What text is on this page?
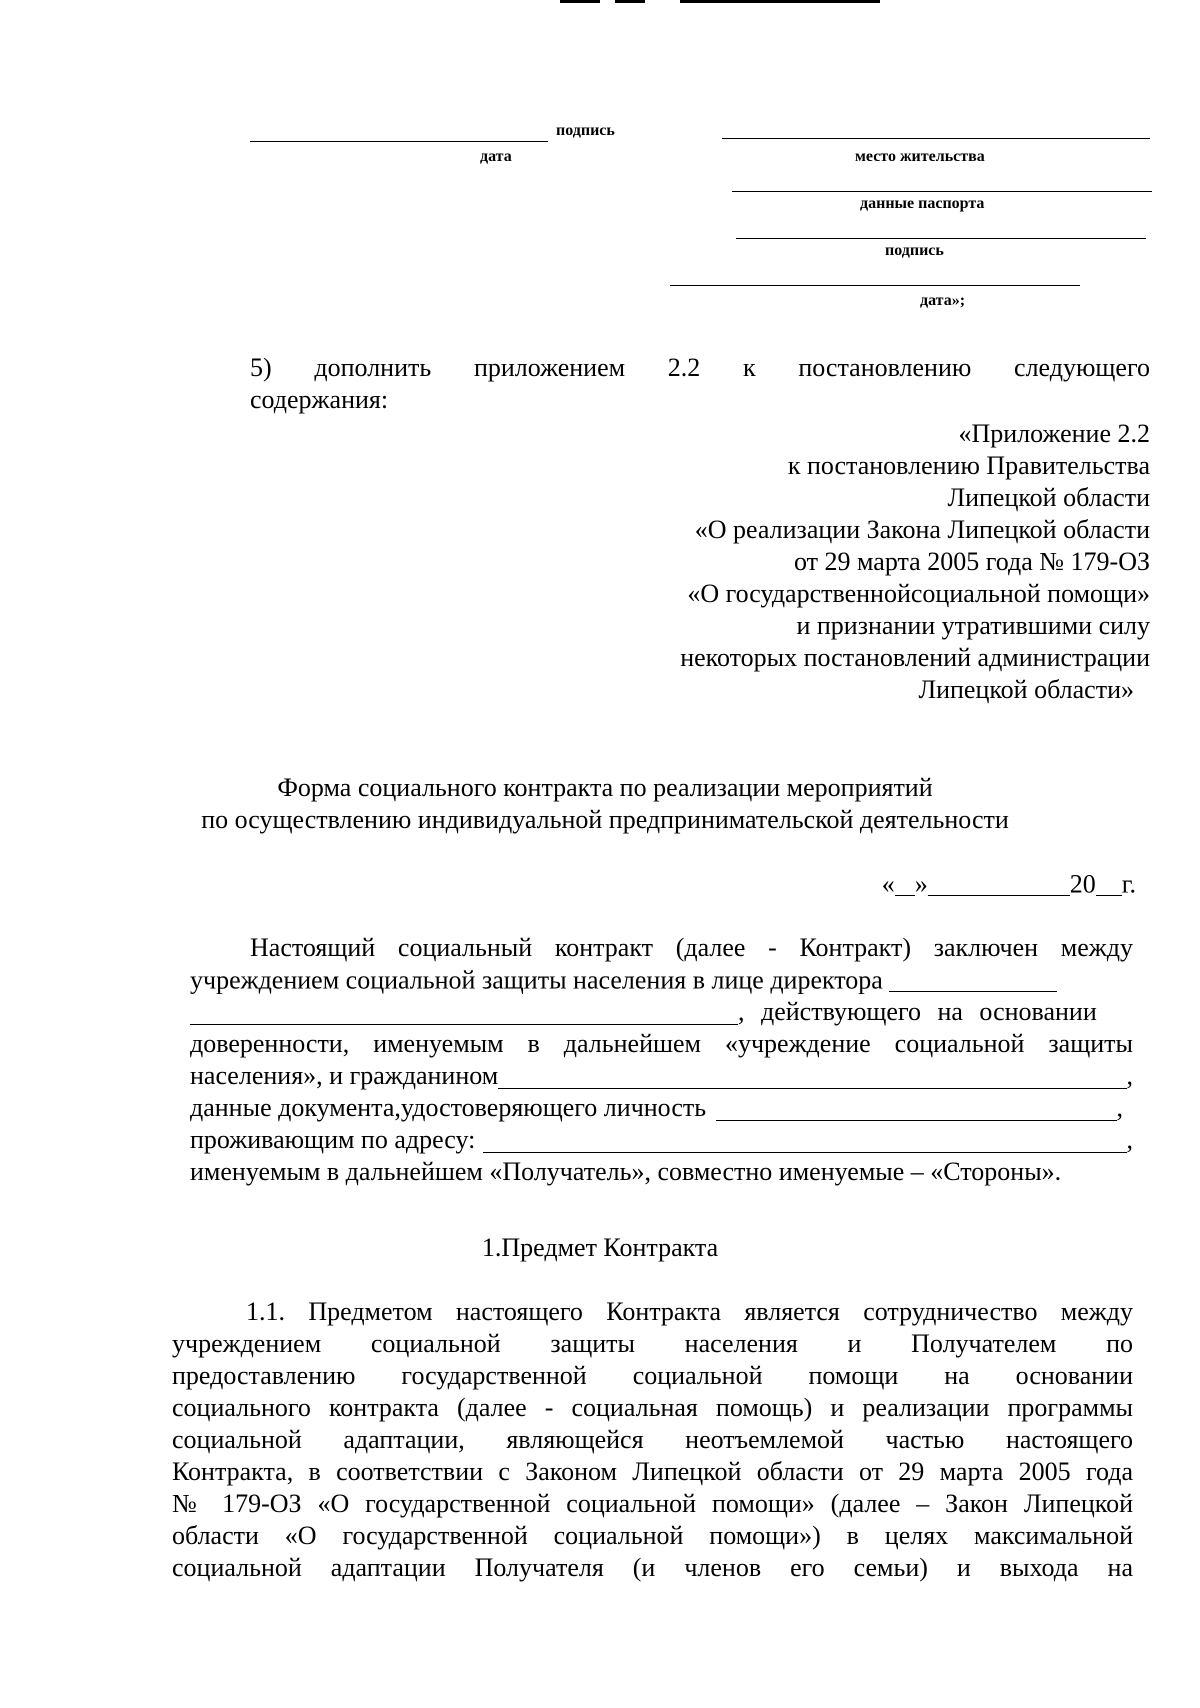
подпись
дата	место жительства
данные паспорта
подпись
дата»;
5) дополнить приложением 2.2 к постановлению следующего
содержания:
«Приложение 2.2
к постановлению Правительства
Липецкой области
«О реализации Закона Липецкой области
от 29 марта 2005 года № 179-ОЗ
«О государственнойсоциальной помощи»
и признании утратившими силу
некоторых постановлений администрации
Липецкой области»
Форма социального контракта по реализации мероприятий
по осуществлению индивидуальной предпринимательской деятельности
« »	20 г.
Настоящий социальный контракт (далее - Контракт) заключен между
учреждением социальной защиты населения в лице директора
, действующего на основании
доверенности, именуемым в дальнейшем «учреждение социальной защиты
населения», и гражданином	,
данные документа,удостоверяющего личность	,
проживающим по адресу:	,
именуемым в дальнейшем «Получатель», совместно именуемые – «Стороны».
1.Предмет Контракта
1.1. Предметом настоящего Контракта является сотрудничество между
учреждением социальной защиты населения и Получателем по
предоставлению государственной социальной помощи на основании
социального контракта (далее - социальная помощь) и реализации программы
социальной адаптации, являющейся неотъемлемой частью настоящего
Контракта, в соответствии с Законом Липецкой области от 29 марта 2005 года
№ 179-ОЗ «О государственной социальной помощи» (далее – Закон Липецкой
области «О государственной социальной помощи») в целях максимальной
социальной адаптации Получателя (и членов его семьи) и выхода на
